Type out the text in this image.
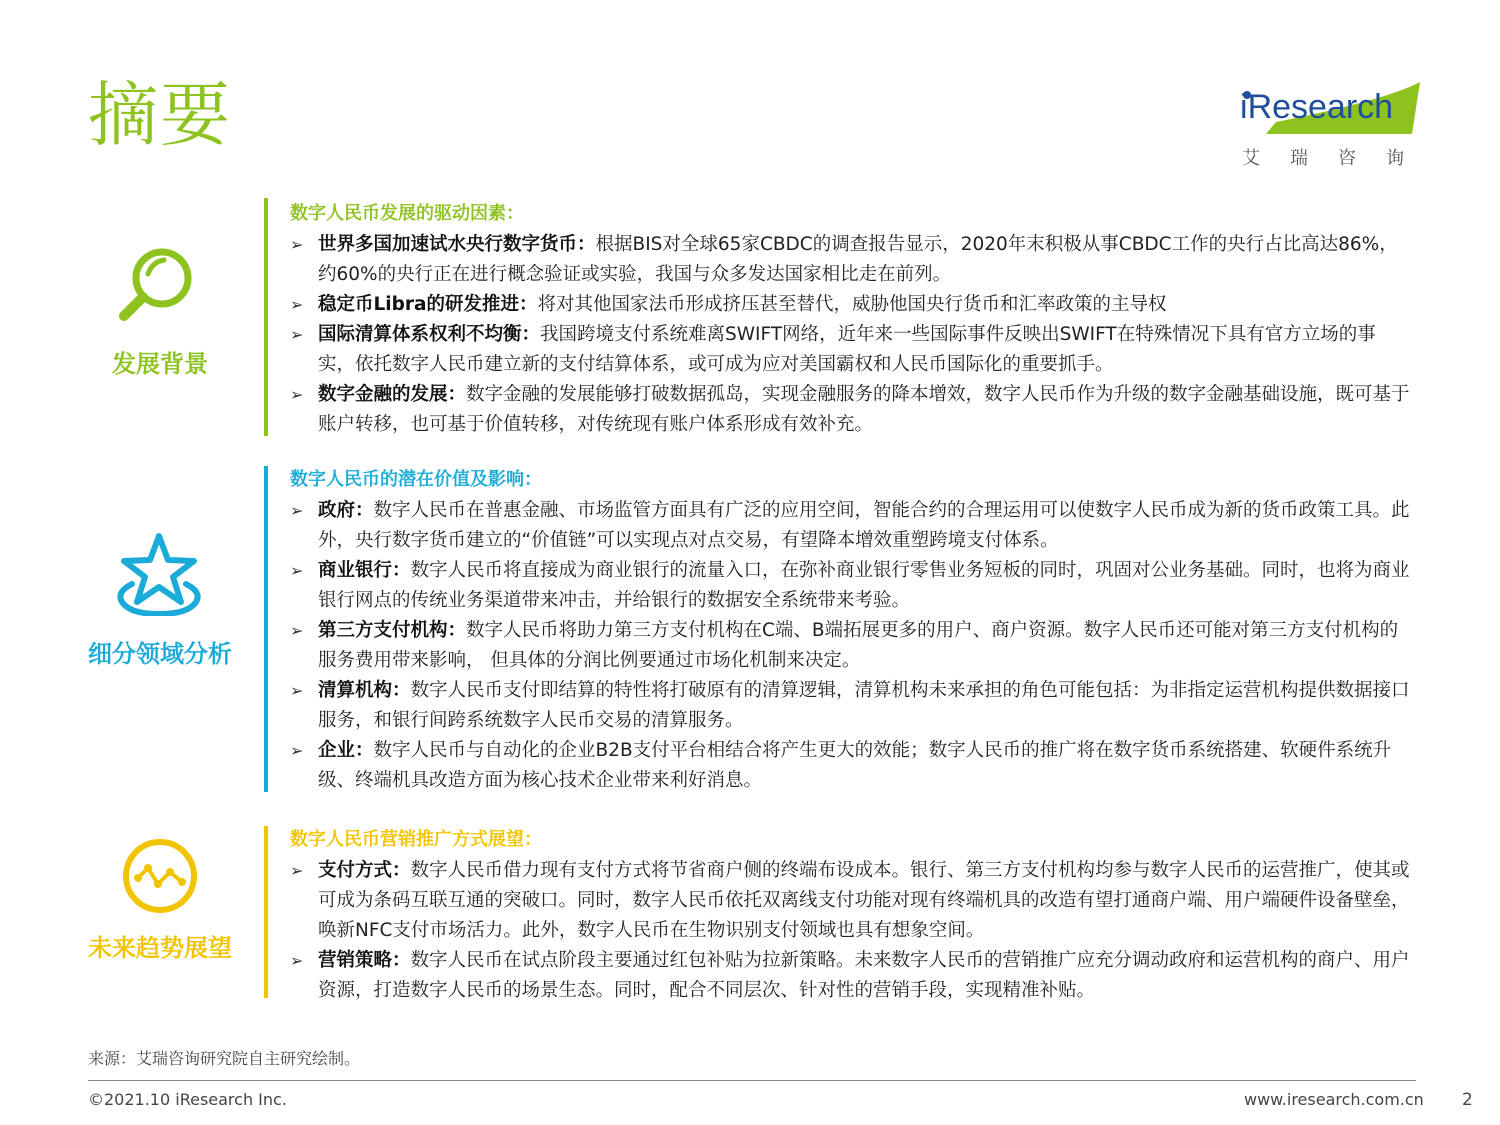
摘要	iResearch
艾瑞咨询
发展背景

数字人民币发展的驱动因素：

➢ 世界多国加速试水央行数字货币：根据BIS对全球65家CBDC的调查报告显示，2020年末积极从事CBDC工作的央行占比高达86%，约60%的央行正在进行概念验证或实验，我国与众多发达国家相比走在前列。

➢ 稳定币Libra的研发推进：将对其他国家法币形成挤压甚至替代，威胁他国央行货币和汇率政策的主导权

➢ 国际清算体系权利不均衡：我国跨境支付系统难离SWIFT网络，近年来一些国际事件反映出SWIFT在特殊情况下具有官方立场的事实，依托数字人民币建立新的支付结算体系，或可成为应对美国霸权和人民币国际化的重要抓手。

➢ 数字金融的发展：数字金融的发展能够打破数据孤岛，实现金融服务的降本增效，数字人民币作为升级的数字金融基础设施，既可基于账户转移，也可基于价值转移，对传统现有账户体系形成有效补充。

细分领域分析

数字人民币的潜在价值及影响：

➢ 政府：数字人民币在普惠金融、市场监管方面具有广泛的应用空间，智能合约的合理运用可以使数字人民币成为新的货币政策工具。此外，央行数字货币建立的“价值链”可以实现点对点交易，有望降本增效重塑跨境支付体系。

➢ 商业银行：数字人民币将直接成为商业银行的流量入口，在弥补商业银行零售业务短板的同时，巩固对公业务基础。同时，也将为商业银行网点的传统业务渠道带来冲击，并给银行的数据安全系统带来考验。

➢ 第三方支付机构：数字人民币将助力第三方支付机构在C端、B端拓展更多的用户、商户资源。数字人民币还可能对第三方支付机构的服务费用带来影响， 但具体的分润比例要通过市场化机制来决定。

➢ 清算机构：数字人民币支付即结算的特性将打破原有的清算逻辑，清算机构未来承担的角色可能包括：为非指定运营机构提供数据接口服务，和银行间跨系统数字人民币交易的清算服务。

➢ 企业：数字人民币与自动化的企业B2B支付平台相结合将产生更大的效能；数字人民币的推广将在数字货币系统搭建、软硬件系统升级、终端机具改造方面为核心技术企业带来利好消息。

未来趋势展望

数字人民币营销推广方式展望：

➢ 支付方式：数字人民币借力现有支付方式将节省商户侧的终端布设成本。银行、第三方支付机构均参与数字人民币的运营推广，使其或可成为条码互联互通的突破口。同时，数字人民币依托双离线支付功能对现有终端机具的改造有望打通商户端、用户端硬件设备壁垒，唤新NFC支付市场活力。此外，数字人民币在生物识别支付领域也具有想象空间。

➢ 营销策略：数字人民币在试点阶段主要通过红包补贴为拉新策略。未来数字人民币的营销推广应充分调动政府和运营机构的商户、用户资源，打造数字人民币的场景生态。同时，配合不同层次、针对性的营销手段，实现精准补贴。

来源：艾瑞咨询研究院自主研究绘制。
©2021.10 iResearch Inc.	www.iresearch.com.cn 2
